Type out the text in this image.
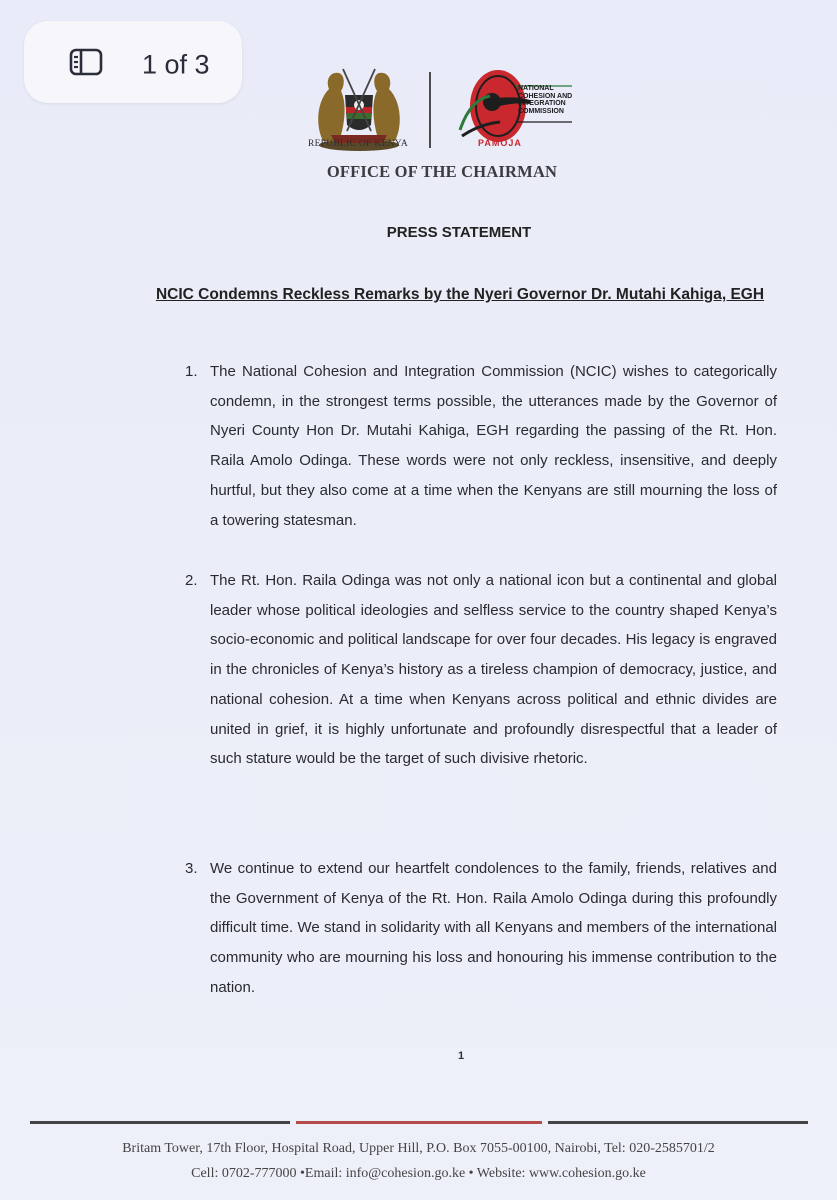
1 of 3
REPUBLIC OF KENYA
NATIONAL
COHESION AND
INTEGRATION
COMMISSION
PAMOJA
OFFICE OF THE CHAIRMAN
PRESS STATEMENT
NCIC Condemns Reckless Remarks by the Nyeri Governor Dr. Mutahi Kahiga, EGH
1. The National Cohesion and Integration Commission (NCIC) wishes to categorically condemn, in the strongest terms possible, the utterances made by the Governor of Nyeri County Hon Dr. Mutahi Kahiga, EGH regarding the passing of the Rt. Hon. Raila Amolo Odinga. These words were not only reckless, insensitive, and deeply hurtful, but they also come at a time when the Kenyans are still mourning the loss of a towering statesman.
2. The Rt. Hon. Raila Odinga was not only a national icon but a continental and global leader whose political ideologies and selfless service to the country shaped Kenya’s socio-economic and political landscape for over four decades. His legacy is engraved in the chronicles of Kenya’s history as a tireless champion of democracy, justice, and national cohesion. At a time when Kenyans across political and ethnic divides are united in grief, it is highly unfortunate and profoundly disrespectful that a leader of such stature would be the target of such divisive rhetoric.
3. We continue to extend our heartfelt condolences to the family, friends, relatives and the Government of Kenya of the Rt. Hon. Raila Amolo Odinga during this profoundly difficult time. We stand in solidarity with all Kenyans and members of the international community who are mourning his loss and honouring his immense contribution to the nation.
1
Britam Tower, 17th Floor, Hospital Road, Upper Hill, P.O. Box 7055-00100, Nairobi, Tel: 020-2585701/2
Cell: 0702-777000 •Email: info@cohesion.go.ke • Website: www.cohesion.go.ke
